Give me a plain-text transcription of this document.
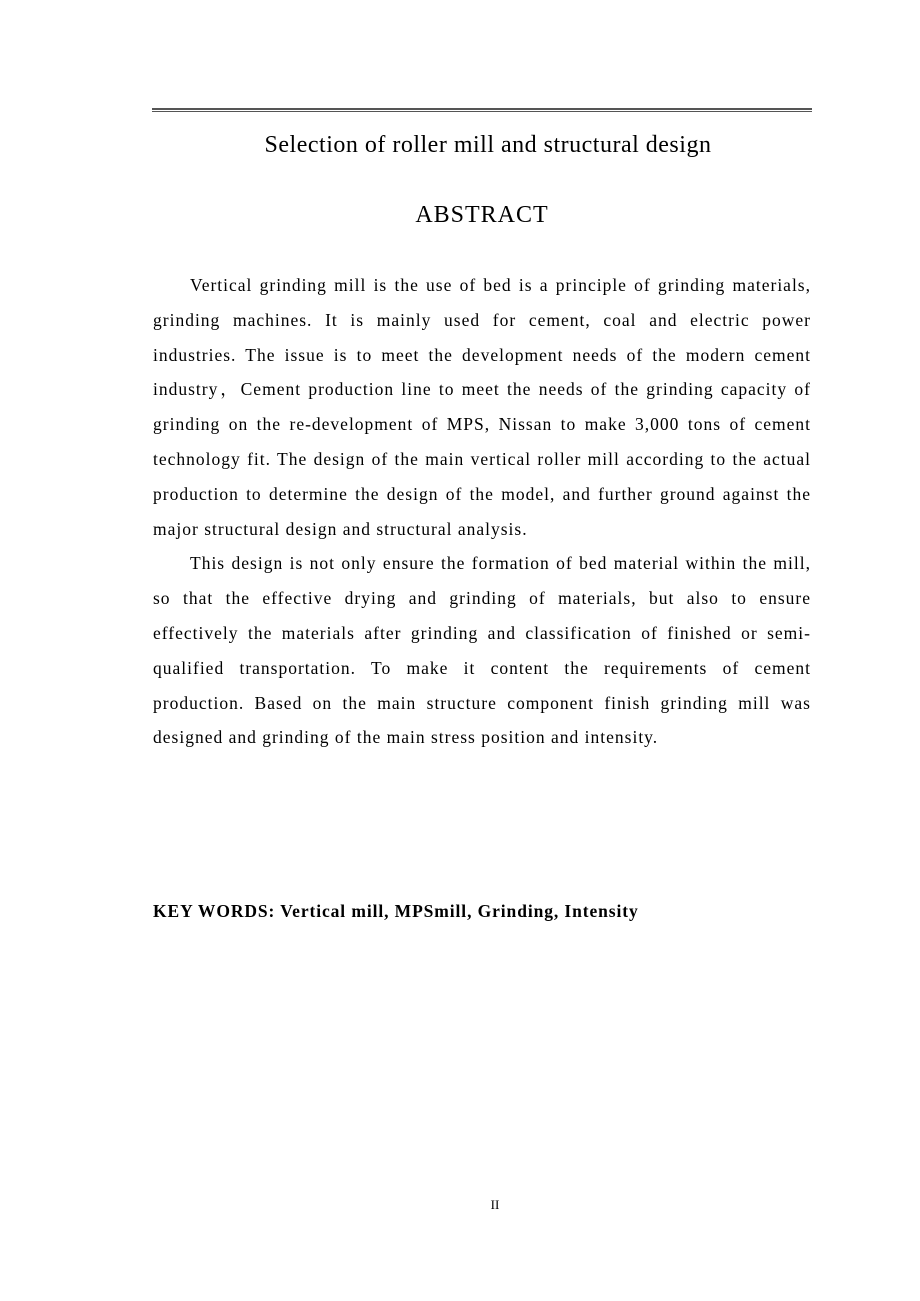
Selection of roller mill and structural design
ABSTRACT

Vertical grinding mill is the use of bed is a principle of grinding materials, grinding machines. It is mainly used for cement, coal and electric power industries. The issue is to meet the development needs of the modern cement industry，Cement production line to meet the needs of the grinding capacity of grinding on the re-development of MPS, Nissan to make 3,000 tons of cement technology fit. The design of the main vertical roller mill according to the actual production to determine the design of the model, and further ground against the major structural design and structural analysis.

This design is not only ensure the formation of bed material within the mill, so that the effective drying and grinding of materials, but also to ensure effectively the materials after grinding and classification of finished or semi-qualified transportation. To make it content the requirements of cement production. Based on the main structure component finish grinding mill was designed and grinding of the main stress position and intensity.

KEY WORDS: Vertical mill, MPSmill, Grinding, Intensity
II
